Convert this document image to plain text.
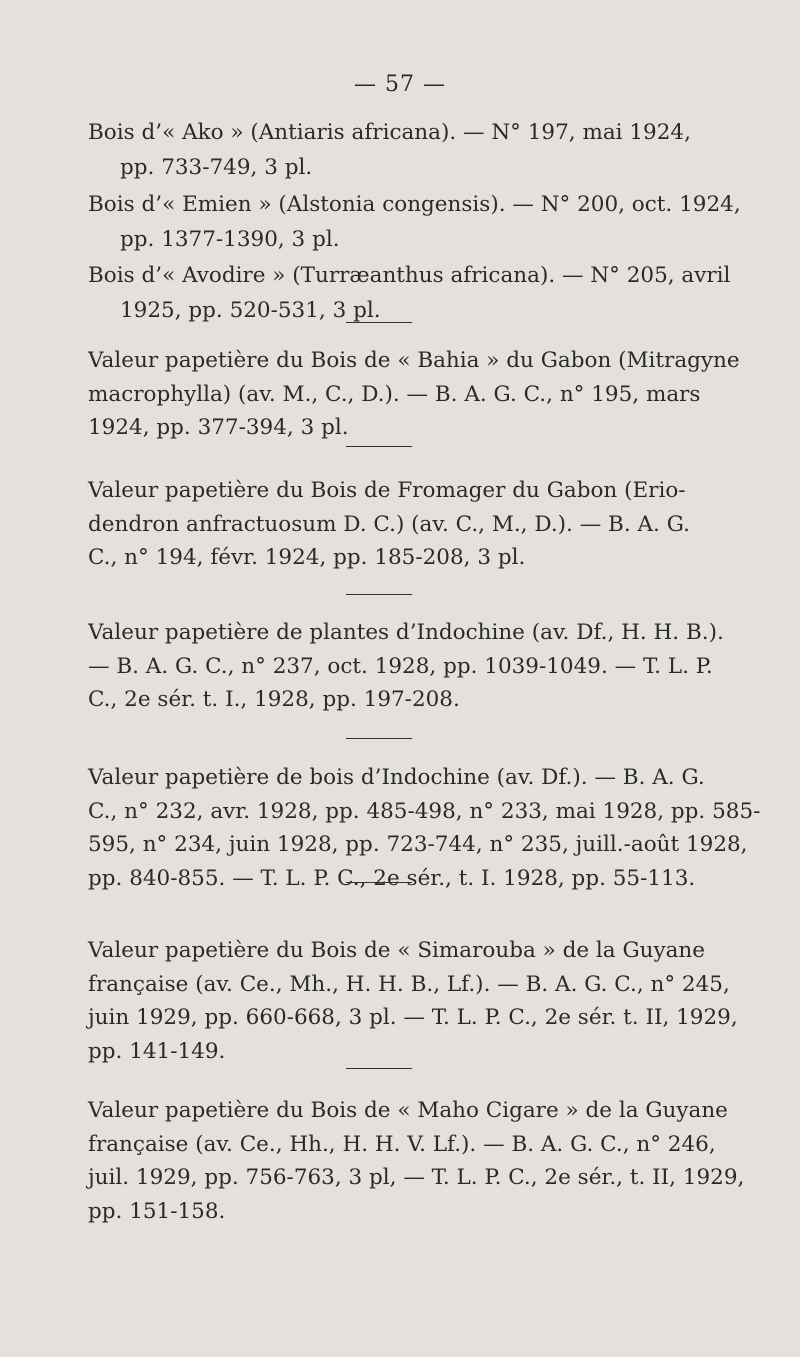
— 57 —
Bois d’« Ako » (Antiaris africana). — N° 197, mai 1924,
pp. 733-749, 3 pl.
Bois d’« Emien » (Alstonia congensis). — N° 200, oct. 1924,
pp. 1377-1390, 3 pl.
Bois d’« Avodire » (Turræanthus africana). — N° 205, avril
1925, pp. 520-531, 3 pl.
Valeur papetière du Bois de « Bahia » du Gabon (Mitragyne
macrophylla) (av. M., C., D.). — B. A. G. C., n° 195, mars
1924, pp. 377-394, 3 pl.
Valeur papetière du Bois de Fromager du Gabon (Erio-
dendron anfractuosum D. C.) (av. C., M., D.). — B. A. G.
C., n° 194, févr. 1924, pp. 185-208, 3 pl.
Valeur papetière de plantes d’Indochine (av. Df., H. H. B.).
— B. A. G. C., n° 237, oct. 1928, pp. 1039-1049. — T. L. P.
C., 2e sér. t. I., 1928, pp. 197-208.
Valeur papetière de bois d’Indochine (av. Df.). — B. A. G.
C., n° 232, avr. 1928, pp. 485-498, n° 233, mai 1928, pp. 585-
595, n° 234, juin 1928, pp. 723-744, n° 235, juill.-août 1928,
pp. 840-855. — T. L. P. C., 2e sér., t. I. 1928, pp. 55-113.
Valeur papetière du Bois de « Simarouba » de la Guyane
française (av. Ce., Mh., H. H. B., Lf.). — B. A. G. C., n° 245,
juin 1929, pp. 660-668, 3 pl. — T. L. P. C., 2e sér. t. II, 1929,
pp. 141-149.
Valeur papetière du Bois de « Maho Cigare » de la Guyane
française (av. Ce., Hh., H. H. V. Lf.). — B. A. G. C., n° 246,
juil. 1929, pp. 756-763, 3 pl, — T. L. P. C., 2e sér., t. II, 1929,
pp. 151-158.
